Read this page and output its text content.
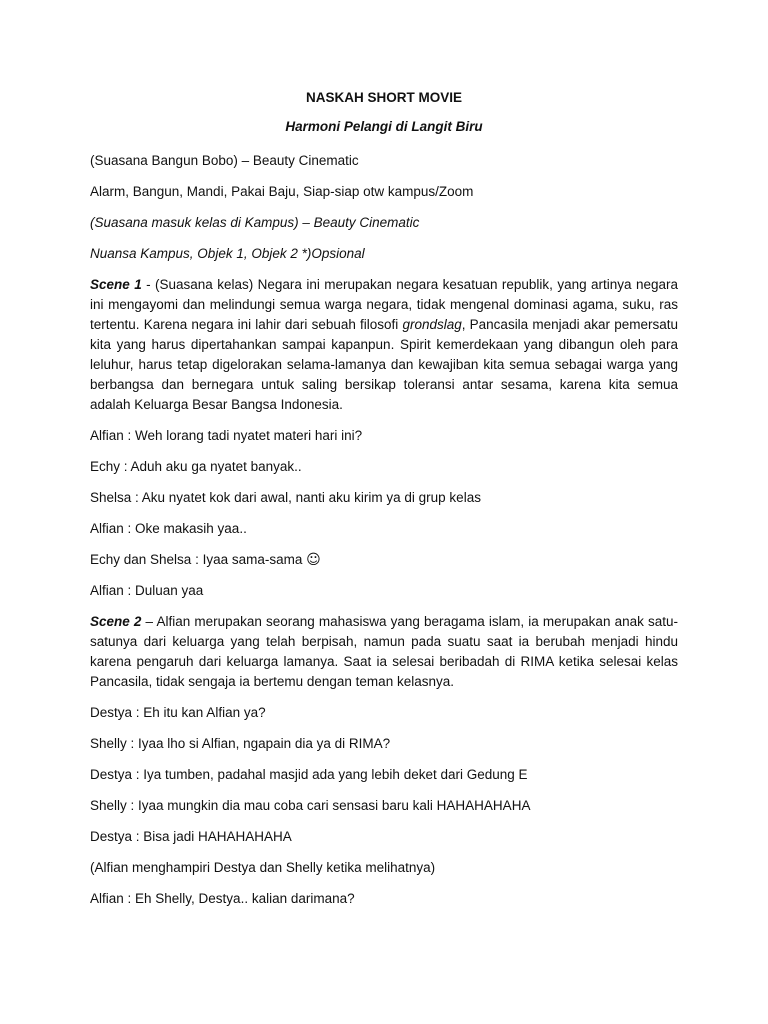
NASKAH SHORT MOVIE

Harmoni Pelangi di Langit Biru

(Suasana Bangun Bobo) – Beauty Cinematic

Alarm, Bangun, Mandi, Pakai Baju, Siap-siap otw kampus/Zoom

(Suasana masuk kelas di Kampus) – Beauty Cinematic

Nuansa Kampus, Objek 1, Objek 2 *)Opsional

Scene 1 - (Suasana kelas) Negara ini merupakan negara kesatuan republik, yang artinya negara ini mengayomi dan melindungi semua warga negara, tidak mengenal dominasi agama, suku, ras tertentu. Karena negara ini lahir dari sebuah filosofi grondslag, Pancasila menjadi akar pemersatu kita yang harus dipertahankan sampai kapanpun. Spirit kemerdekaan yang dibangun oleh para leluhur, harus tetap digelorakan selama-lamanya dan kewajiban kita semua sebagai warga yang berbangsa dan bernegara untuk saling bersikap toleransi antar sesama, karena kita semua adalah Keluarga Besar Bangsa Indonesia.

Alfian : Weh lorang tadi nyatet materi hari ini?

Echy : Aduh aku ga nyatet banyak..

Shelsa : Aku nyatet kok dari awal, nanti aku kirim ya di grup kelas

Alfian : Oke makasih yaa..

Echy dan Shelsa : Iyaa sama-sama ☺

Alfian : Duluan yaa

Scene 2 – Alfian merupakan seorang mahasiswa yang beragama islam, ia merupakan anak satu-satunya dari keluarga yang telah berpisah, namun pada suatu saat ia berubah menjadi hindu karena pengaruh dari keluarga lamanya. Saat ia selesai beribadah di RIMA ketika selesai kelas Pancasila, tidak sengaja ia bertemu dengan teman kelasnya.

Destya : Eh itu kan Alfian ya?

Shelly : Iyaa lho si Alfian, ngapain dia ya di RIMA?

Destya : Iya tumben, padahal masjid ada yang lebih deket dari Gedung E

Shelly : Iyaa mungkin dia mau coba cari sensasi baru kali HAHAHAHAHA

Destya : Bisa jadi HAHAHAHAHA

(Alfian menghampiri Destya dan Shelly ketika melihatnya)

Alfian : Eh Shelly, Destya.. kalian darimana?
